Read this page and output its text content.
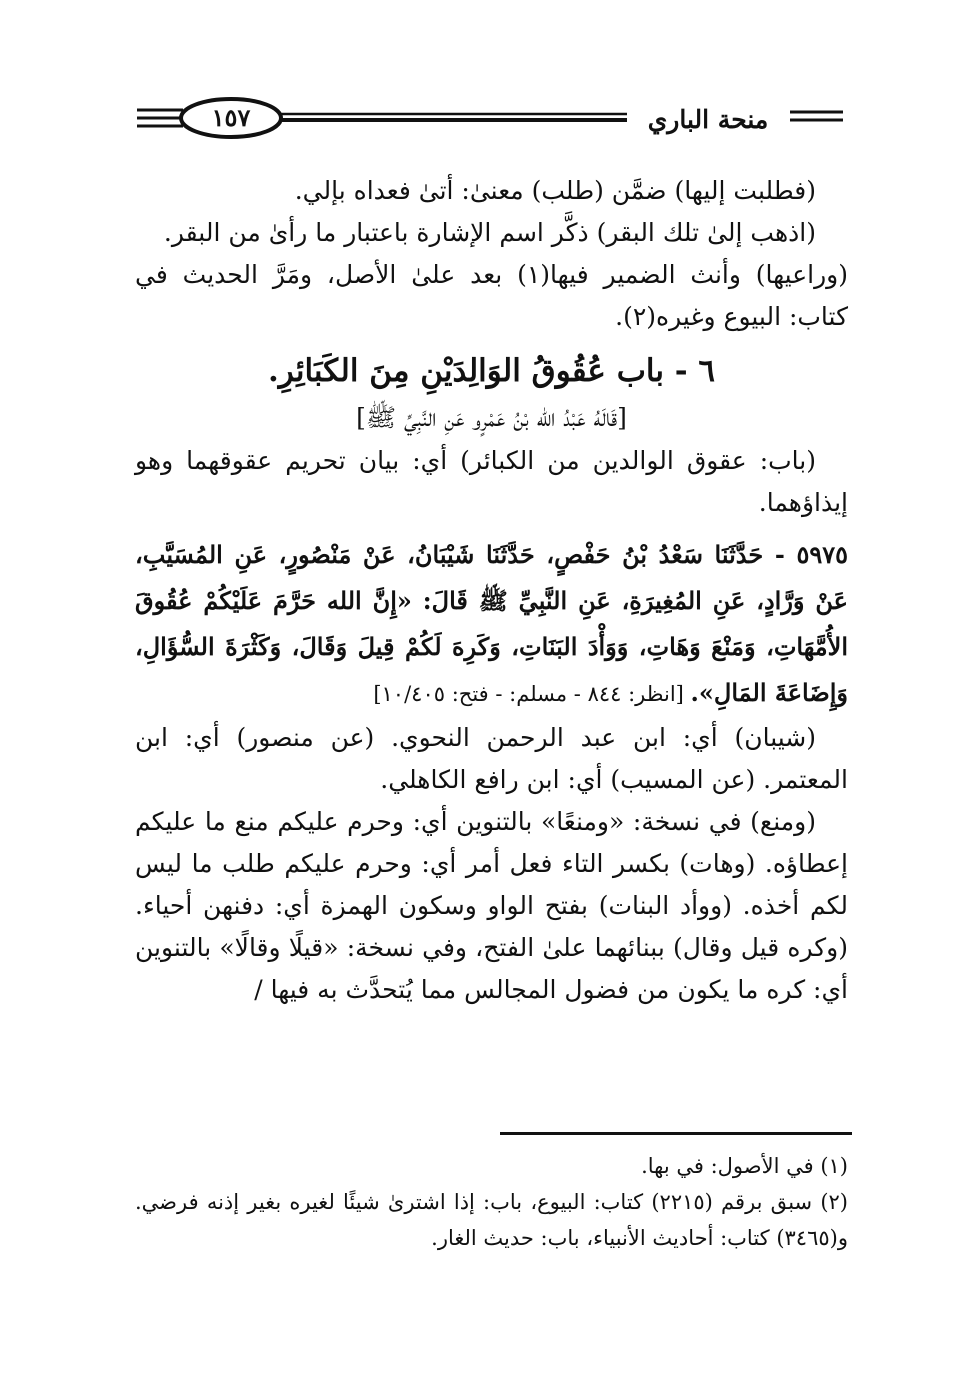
١٥٧	منحة الباري

(فطلبت إليها) ضمَّن (طلب) معنىٰ: أتىٰ فعداه بإلي.

(اذهب إلىٰ تلك البقر) ذكَّر اسم الإشارة باعتبار ما رأىٰ من البقر.

(وراعيها) وأنث الضمير فيها(١) بعد علىٰ الأصل، ومَرَّ الحديث في كتاب: البيوع وغيره(٢).

٦ - باب عُقُوقُ الوَالِدَيْنِ مِنَ الكَبَائِرِ.

[قَالَهُ عَبْدُ الله بْنُ عَمْرٍو عَنِ النَّبِيِّ ﷺ]

(باب: عقوق الوالدين من الكبائر) أي: بيان تحريم عقوقهما وهو إيذاؤهما.

٥٩٧٥ - حَدَّثَنَا سَعْدُ بْنُ حَفْصٍ، حَدَّثَنَا شَيْبَانُ، عَنْ مَنْصُورٍ، عَنِ المُسَيَّبِ، عَنْ وَرَّادٍ، عَنِ المُغِيرَةِ، عَنِ النَّبِيِّ ﷺ قَالَ: «إِنَّ الله حَرَّمَ عَلَيْكُمْ عُقُوقَ الأُمَّهَاتِ، وَمَنْعَ وَهَاتِ، وَوَأْدَ البَنَاتِ، وَكَرِهَ لَكُمْ قِيلَ وَقَالَ، وَكَثْرَةَ السُّؤَالِ، وَإِضَاعَةَ المَالِ». [انظر: ٨٤٤ - مسلم: - فتح: ١٠/٤٠٥]

(شيبان) أي: ابن عبد الرحمن النحوي. (عن منصور) أي: ابن المعتمر. (عن المسيب) أي: ابن رافع الكاهلي.

(ومنع) في نسخة: «ومنعًا» بالتنوين أي: وحرم عليكم منع ما عليكم إعطاؤه. (وهات) بكسر التاء فعل أمر أي: وحرم عليكم طلب ما ليس لكم أخذه. (ووأد البنات) بفتح الواو وسكون الهمزة أي: دفنهن أحياء. (وكره قيل وقال) ببنائهما علىٰ الفتح، وفي نسخة: «قيلًا وقالًا» بالتنوين أي: كره ما يكون من فضول المجالس مما يُتحدَّث به فيها /

(١) في الأصول: في بها.

(٢) سبق برقم (٢٢١٥) كتاب: البيوع، باب: إذا اشترىٰ شيئًا لغيره بغير إذنه فرضي. و(٣٤٦٥) كتاب: أحاديث الأنبياء، باب: حديث الغار.
